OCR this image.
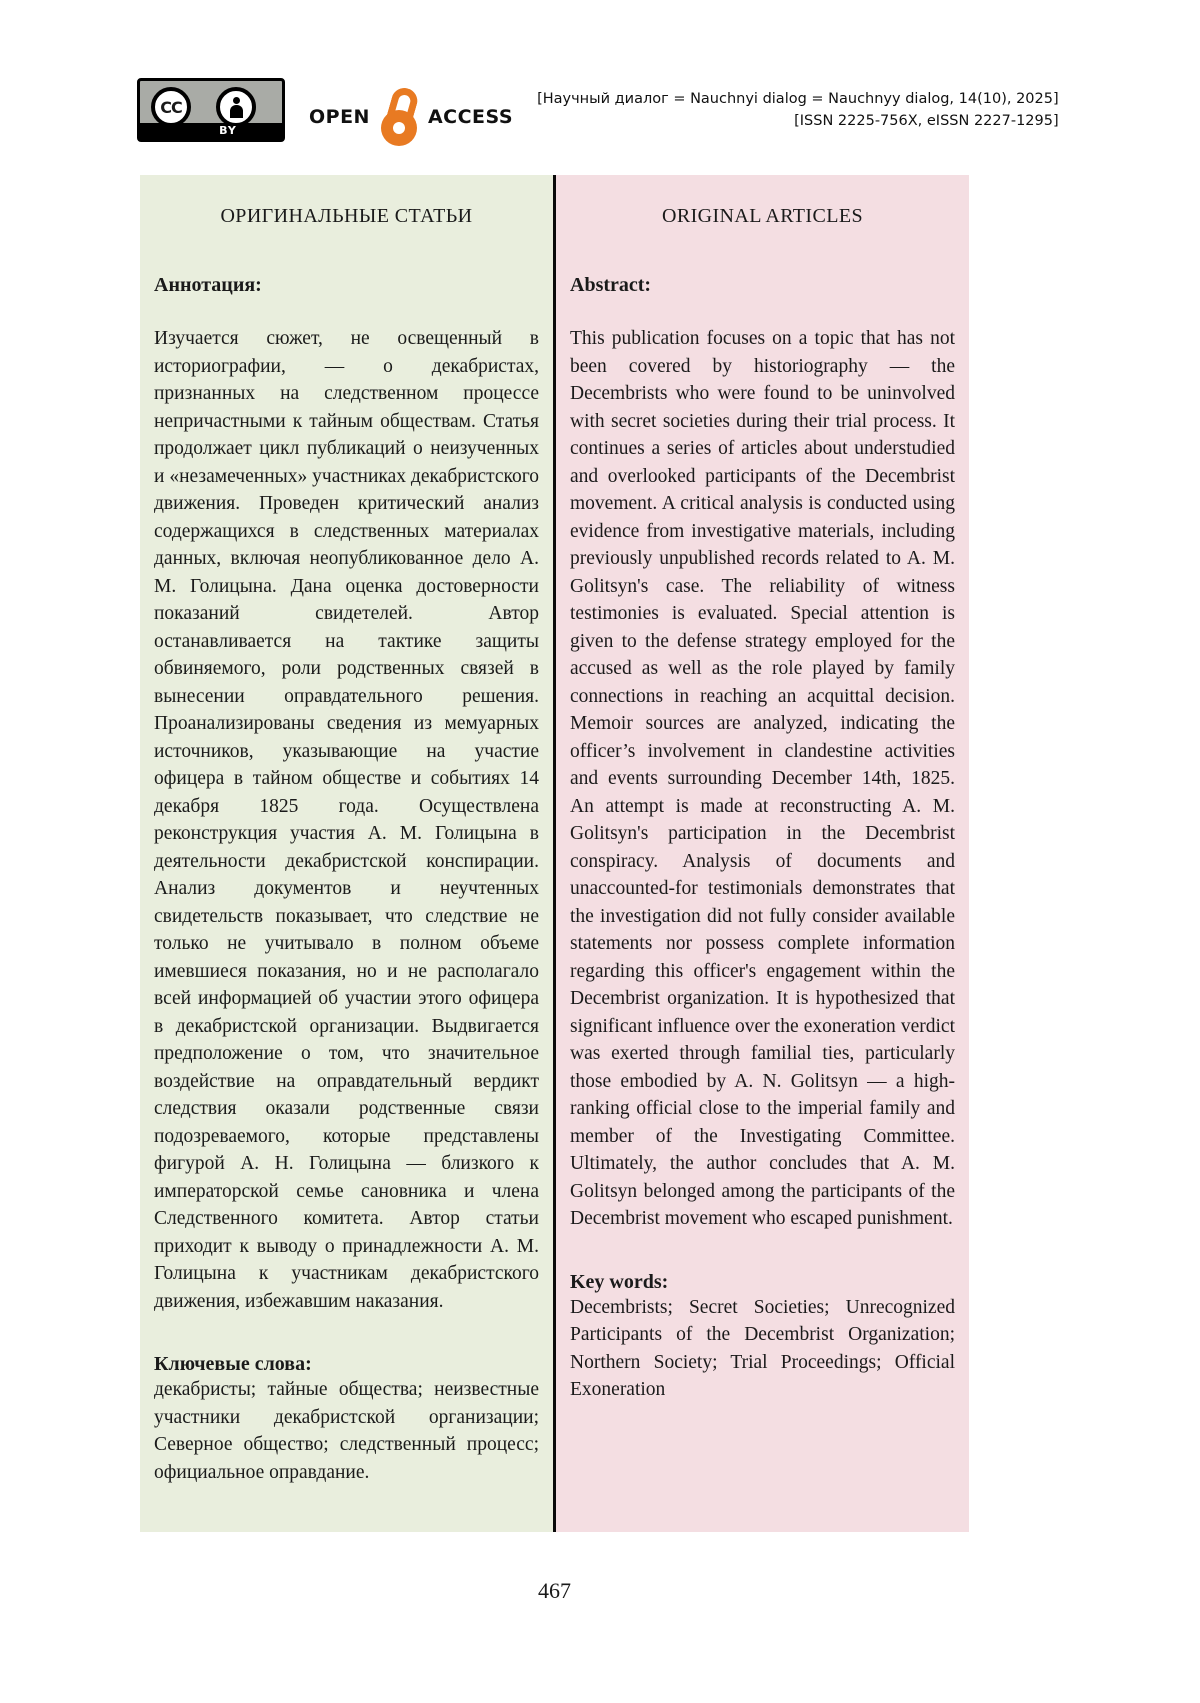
CC
BY
OPEN	ACCESS
[Научный диалог = Nauchnyi dialog = Nauchnyy dialog, 14(10), 2025]
[ISSN 2225-756X, eISSN 2227-1295]
ОРИГИНАЛЬНЫЕ СТАТЬИ
Аннотация:

Изучается сюжет, не освещенный в историографии, — о декабристах, признанных на следственном процессе непричастными к тайным обществам. Статья продолжает цикл публикаций о неизученных и «незамеченных» участниках декабристского движения. Проведен критический анализ содержащихся в следственных материалах данных, включая неопубликованное дело А. М. Голицына. Дана оценка достоверности показаний свидетелей. Автор останавливается на тактике защиты обвиняемого, роли родственных связей в вынесении оправдательного решения. Проанализированы сведения из мемуарных источников, указывающие на участие офицера в тайном обществе и событиях 14 декабря 1825 года. Осуществлена реконструкция участия А. М. Голицына в деятельности декабристской конспирации. Анализ документов и неучтенных свидетельств показывает, что следствие не только не учитывало в полном объеме имевшиеся показания, но и не располагало всей информацией об участии этого офицера в декабристской организации. Выдвигается предположение о том, что значительное воздействие на оправдательный вердикт следствия оказали родственные связи подозреваемого, которые представлены фигурой А. Н. Голицына — близкого к императорской семье сановника и члена Следственного комитета. Автор статьи приходит к выводу о принадлежности А. М. Голицына к участникам декабристского движения, избежавшим наказания.

Ключевые слова:

декабристы; тайные общества; неизвестные участники декабристской организации; Северное общество; следственный процесс; официальное оправдание.

ORIGINAL ARTICLES
Abstract:

This publication focuses on a topic that has not been covered by historiography — the Decembrists who were found to be uninvolved with secret societies during their trial process. It continues a series of articles about understudied and overlooked participants of the Decembrist movement. A critical analysis is conducted using evidence from investigative materials, including previously unpublished records related to A. M. Golitsyn's case. The reliability of witness testimonies is evaluated. Special attention is given to the defense strategy employed for the accused as well as the role played by family connections in reaching an acquittal decision. Memoir sources are analyzed, indicating the officer’s involvement in clandestine activities and events surrounding December 14th, 1825. An attempt is made at reconstructing A. M. Golitsyn's participation in the Decembrist conspiracy. Analysis of documents and unaccounted-for testimonials demonstrates that the investigation did not fully consider available statements nor possess complete information regarding this officer's engagement within the Decembrist organization. It is hypothesized that significant influence over the exoneration verdict was exerted through familial ties, particularly those embodied by A. N. Golitsyn — a high-ranking official close to the imperial family and member of the Investigating Committee. Ultimately, the author concludes that A. M. Golitsyn belonged among the participants of the Decembrist movement who escaped punishment.

Key words:

Decembrists; Secret Societies; Unrecognized Participants of the Decembrist Organization; Northern Society; Trial Proceedings; Official Exoneration

467
